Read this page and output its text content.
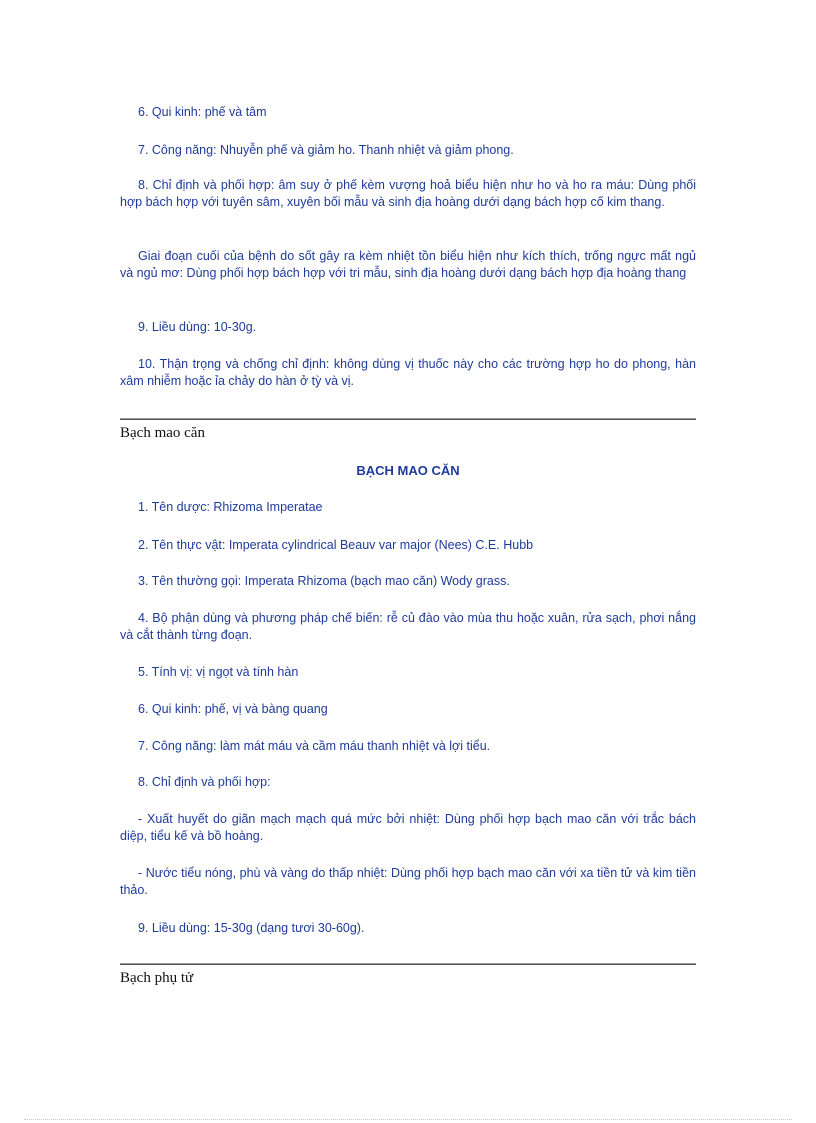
6. Qui kinh: phế và tâm

7. Công năng: Nhuyễn phế và giảm ho. Thanh nhiệt và giảm phong.

8. Chỉ định và phối hợp: âm suy ở phế kèm vượng hoả biểu hiện như ho và ho ra máu: Dùng phối hợp bách hợp với tuyên sâm, xuyên bối mẫu và sinh địa hoàng dưới dạng bách hợp cố kim thang.

Giai đoạn cuối của bệnh do sốt gây ra kèm nhiệt tồn biểu hiện như kích thích, trống ngực mất ngủ và ngủ mơ: Dùng phối hợp bách hợp với tri mẫu, sinh địa hoàng dưới dạng bách hợp địa hoàng thang

9. Liều dùng: 10-30g.

10. Thận trọng và chống chỉ định: không dùng vị thuốc này cho các trường hợp ho do phong, hàn xâm nhiễm hoặc ỉa chảy do hàn ở tỳ và vị.

Bạch mao căn

BẠCH MAO CĂN

1. Tên dược: Rhizoma Imperatae

2. Tên thực vật: Imperata cylindrical Beauv var major (Nees) C.E. Hubb

3. Tên thường gọi: Imperata Rhizoma (bạch mao căn) Wody grass.

4. Bộ phận dùng và phương pháp chế biến: rễ củ đào vào mùa thu hoặc xuân, rửa sạch, phơi nắng và cắt thành từng đoạn.

5. Tính vị: vị ngọt và tính hàn

6. Qui kinh: phế, vị và bàng quang

7. Công năng: làm mát máu và cầm máu thanh nhiệt và lợi tiểu.

8. Chỉ định và phối hợp:

- Xuất huyết do giãn mạch mạch quá mức bởi nhiệt: Dùng phối hợp bạch mao căn với trắc bách diệp, tiểu kế và bồ hoàng.

- Nước tiểu nóng, phù và vàng do thấp nhiệt: Dùng phối hợp bạch mao căn với xa tiền tử và kim tiền thảo.

9. Liều dùng: 15-30g (dạng tươi 30-60g).

Bạch phụ tử
